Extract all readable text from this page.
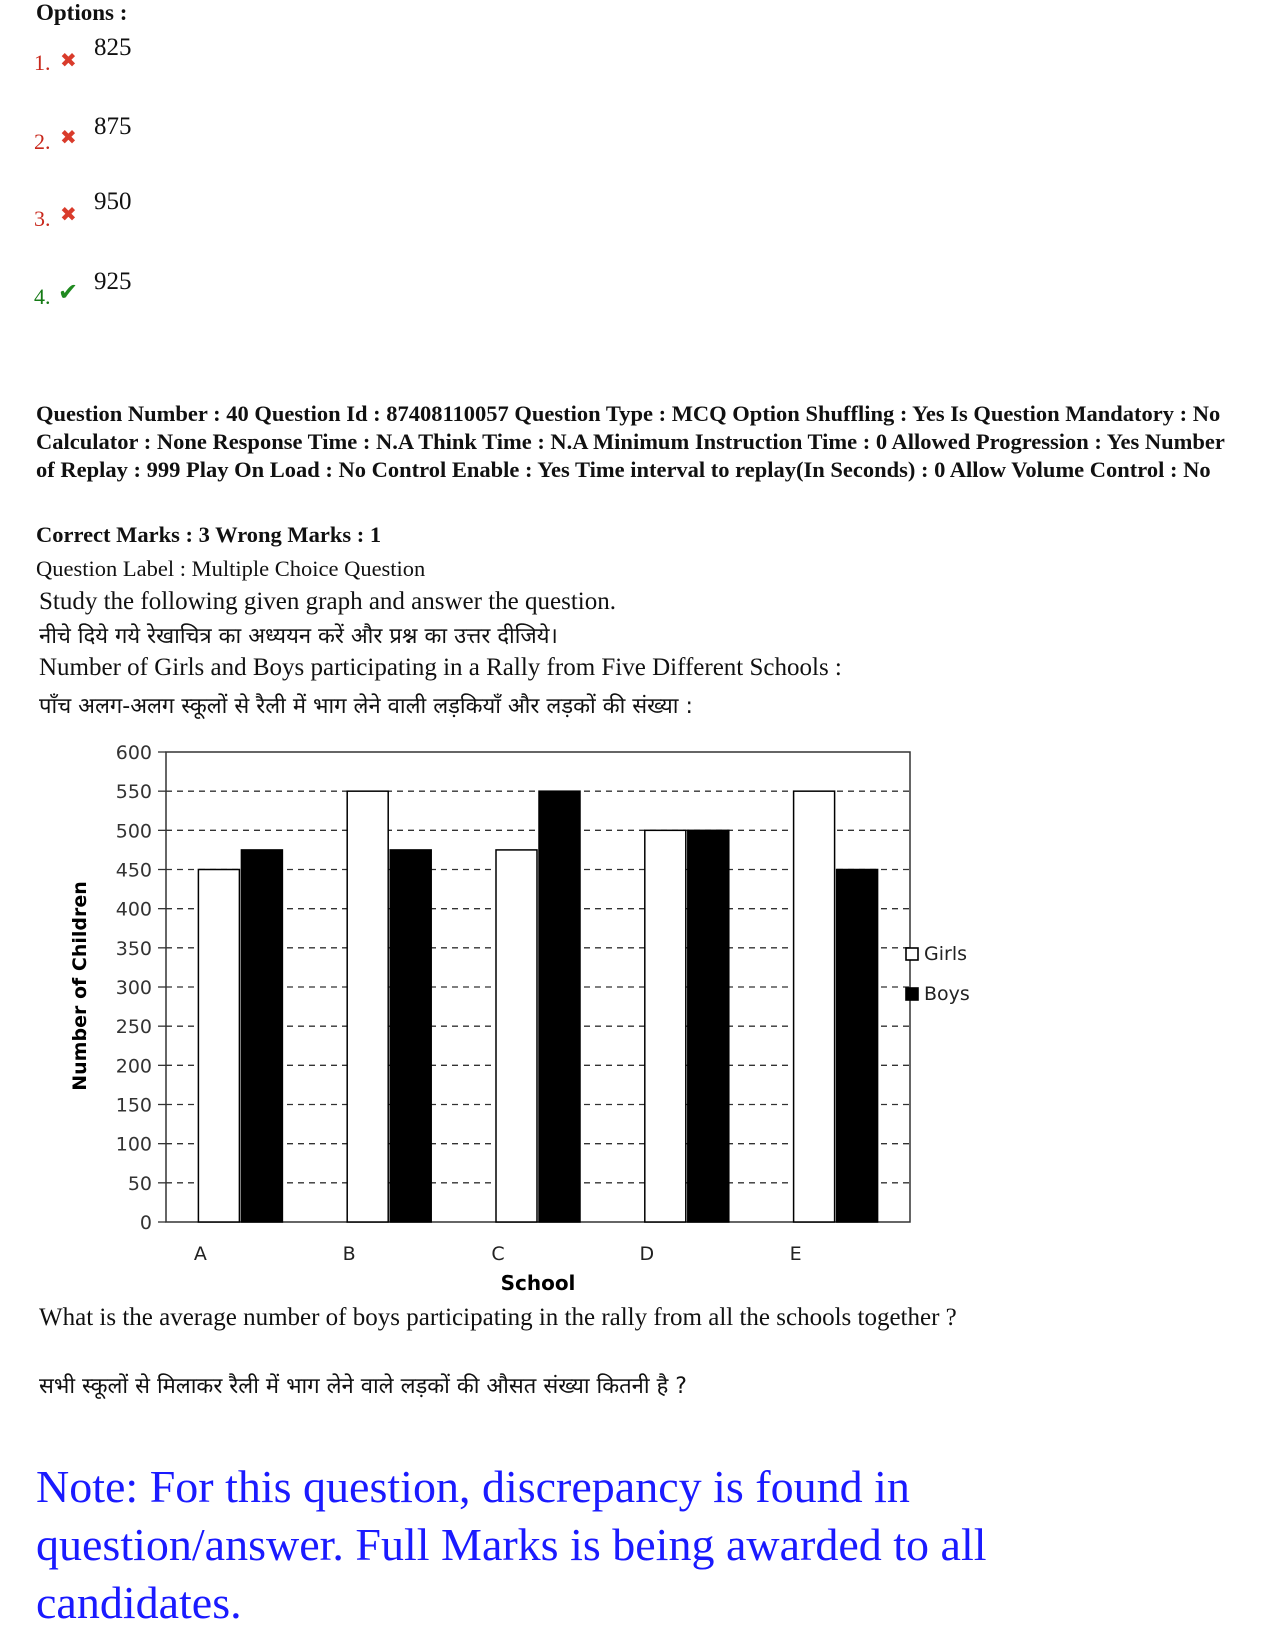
Options :
1. ✖ 825
2. ✖ 875
3. ✖ 950
4. ✔ 925
Question Number : 40 Question Id : 87408110057 Question Type : MCQ Option Shuffling : Yes Is Question Mandatory : No Calculator : None Response Time : N.A Think Time : N.A Minimum Instruction Time : 0 Allowed Progression : Yes Number of Replay : 999 Play On Load : No Control Enable : Yes Time interval to replay(In Seconds) : 0 Allow Volume Control : No
Correct Marks : 3 Wrong Marks : 1
Question Label : Multiple Choice Question
Study the following given graph and answer the question.
नीचे दिये गये रेखाचित्र का अध्ययन करें और प्रश्न का उत्तर दीजिये।
Number of Girls and Boys participating in a Rally from Five Different Schools :
पाँच अलग-अलग स्कूलों से रैली में भाग लेने वाली लड़कियाँ और लड़कों की संख्या :
0
50
100
150
200
250
300
350
400
450
500
550
600
A	B	C	D	E
Number of Children
School
Girls
Boys
What is the average number of boys participating in the rally from all the schools together ?
सभी स्कूलों से मिलाकर रैली में भाग लेने वाले लड़कों की औसत संख्या कितनी है ?
Note: For this question, discrepancy is found in question/answer. Full Marks is being awarded to all candidates.
